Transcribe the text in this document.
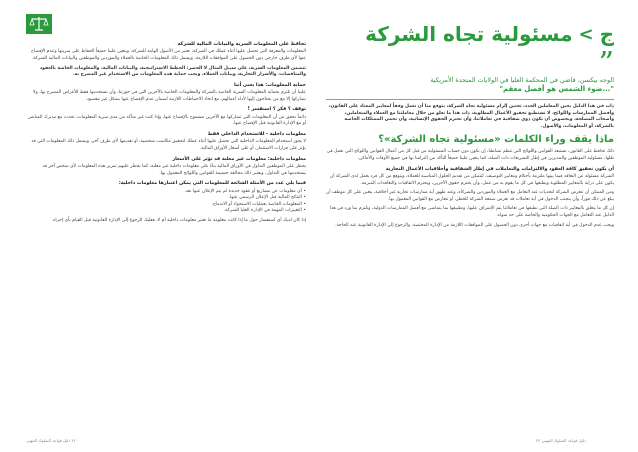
ج
>
مسئولية تجاه الشركة
”
الوجه بيكسن، قاضي في المحكمة العليا في الولايات المتحدة الأمريكية
"...ضوء الشمس هو أفضل معقم"

ذات في هذا الدليل يحين المعاملين الجدد، تحتين إلزام مسئولية تجاه الشركة، يتوقع منا أن نعمل وفقاً لمعايير المعتاد على القانون، وأفضل الممارسات واللوائح، لا تستطيع تحقيق الأعمال المطلوبة، ذات هذا ما تعلو من خلال معاملتنا مع العملاء والمتعاملين، وأصحاب المصلحة، وبخصوص أن نكون ذوي شفافية في تعاملاتنا، وأن نحترم الحقوق الإنسانية، وأن نحمي الممتلكات الخاصة بالشركة، أو المعلومات، والأصول.

ماذا يقف وراء الكلمات «مسئولية تجاه الشركة»؟

ذلك تحافظ على القانون، نستبعد القوانين واللوائح التي تنظم نشاطنا، إن تكون دون حساب المسئولية من قبل كل من أعمال القوانين واللوائح التي نعمل في ظلها، مسئولية الموظفين والمديرين في إطار التشريعات ذات الصلة، كما يتعين علينا جميعاً التأكد من التزامنا بها في جميع الأوقات والأماكن.

أن يكون تحقيق كافة العقود والالتزامات والتعاملات في إطار الشفافية وأخلاقيات الأعمال التجارية

الشركة مسئولة عن التعاقد فيما بينها ملتزمة بأحكام ومعايير التوصيف، لتتمكن من تقديم الحلول المناسبة للعملاء، ويتوقع من كل فرد يعمل لدى الشركة أن يكون على دراية بالمعايير المطلوبة ويطبقها في كل ما يقوم به من عمل، وأن يحترم حقوق الآخرين، ويحترم الاتفاقيات والتعاقدات المبرمة.

ومن الممكن أن تتعرض الشركة لتحديات عند التعامل مع العملاء والموردين والشركاء، وعند ظهور أية ممارسات تجارية غير أخلاقية، يتعين على كل موظف أن يبلغ عن ذلك فوراً، وأن يتجنب الدخول في أية تعاملات قد تعرض سمعة الشركة للخطر، أو تتعارض مع القوانين المعمول بها.

إن كل ما يتعلق بالمعايير ذات الصلة التي نطبقها في تعاملاتنا يتم الإشراف عليها، وتطبيقها بما يتماشى مع أفضل الممارسات الدولية، ونلتزم بما ورد في هذا الدليل عند التعامل مع الجهات الحكومية والخاصة على حد سواء.

ويجب عدم الدخول في أية اتفاقيات مع جهات أخرى دون الحصول على الموافقات اللازمة من الإدارة المختصة، والرجوع إلى الإدارة القانونية عند الحاجة.

تحافظ على المعلومات السرية والبيانات المالية للشركة

المعلومات والمعرفة التي تحصل عليها أثناء عملك في الشركة، تعتبر من الأصول الهامة للشركة، ويتعين علينا جميعاً الحفاظ على سريتها وعدم الإفصاح عنها لأي طرف خارجي دون الحصول على الموافقات اللازمة، ويشمل ذلك المعلومات الخاصة بالعملاء والموردين والموظفين والبيانات المالية للشركة.

تتضمن المعلومات السرية، على سبيل المثال لا الحصر: الخطط الاستراتيجية، والبيانات المالية، والمعلومات الخاصة بالعقود والمناقصات، والأسرار التجارية، وبيانات العملاء، ويجب حماية هذه المعلومات من الاستخدام غير المصرح به.

حماية المعلومات: هذا يعني أننا

علينا أن نلتزم بحماية المعلومات السرية الخاصة بالشركة والمعلومات الخاصة بالآخرين التي في حوزتنا، وأن نستخدمها فقط للأغراض المصرح بها، ولا نشاركها إلا مع من يحتاجون إليها لأداء أعمالهم، مع اتخاذ الاحتياطات اللازمة لضمان عدم الإفصاح عنها بشكل غير مقصود.

توقف ؟ فكر ؟ استفسر !

دائماً تحقق من أن المعلومات التي تشاركها مع الآخرين مسموح بالإفصاح عنها، وإذا كنت غير متأكد من مدى سرية المعلومات، تحدث مع مديرك المباشر أو مع الإدارة القانونية قبل الإفصاح عنها.

معلومات داخلية - للاستخدام الداخلي فقط

لا يجوز استخدام المعلومات الداخلية التي تحصل عليها أثناء عملك لتحقيق مكاسب شخصية، أو تقديمها لأي طرف آخر، ويشمل ذلك المعلومات التي قد تؤثر على قرارات الاستثمار، أو على أسعار الأوراق المالية.

معلومات داخلية: معلومات غير معلنة قد تؤثر على الأسعار

يحظر على الموظفين التداول في الأوراق المالية بناءً على معلومات داخلية غير معلنة، كما يحظر عليهم تمرير هذه المعلومات لأي شخص آخر قد يستخدمها في التداول، ويعتبر ذلك مخالفة جسيمة للقوانين واللوائح المعمول بها.

فيما يلي عدد من الأمثلة الشائعة للمعلومات التي يمكن اعتبارها معلومات داخلية:

• أي معلومات عن مشاريع أو عقود جديدة لم يتم الإعلان عنها بعد.
• النتائج المالية قبل الإعلان الرسمي عنها.
• المعلومات الخاصة بعمليات الاستحواذ أو الاندماج.
• التغييرات المهمة في الإدارة العليا للشركة.

إذا كان لديك أي استفسار حول ما إذا كانت معلومة ما تعتبر معلومات داخلية أم لا، فعليك الرجوع إلى الإدارة القانونية قبل القيام بأي إجراء.

دليل قواعد السلوك المهني ٢٣
٢٢ دليل قواعد السلوك المهني
